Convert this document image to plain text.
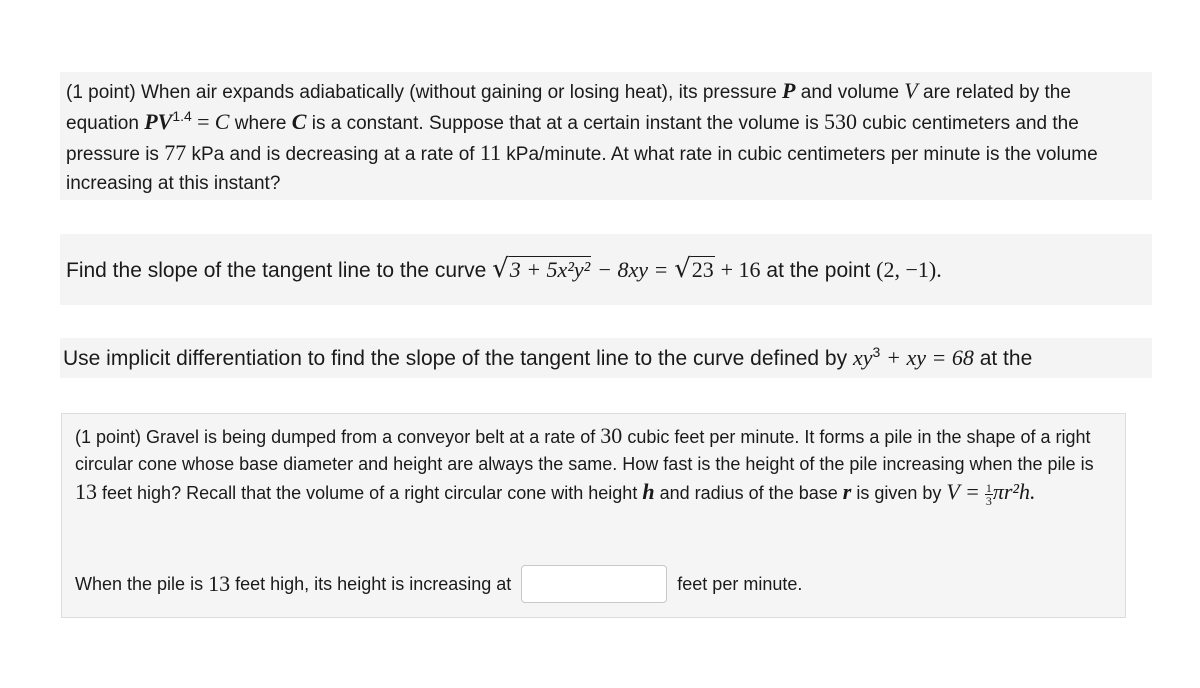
(1 point) When air expands adiabatically (without gaining or losing heat), its pressure P and volume V are related by the equation $PV^{1.4} = C$ where C is a constant. Suppose that at a certain instant the volume is 530 cubic centimeters and the pressure is 77 kPa and is decreasing at a rate of 11 kPa/minute. At what rate in cubic centimeters per minute is the volume increasing at this instant?
Find the slope of the tangent line to the curve √3 + 5x²y² − 8xy = √23 + 16 at the point (2, −1).
Use implicit differentiation to find the slope of the tangent line to the curve defined by $xy^3$ + xy = 68 at the
(1 point) Gravel is being dumped from a conveyor belt at a rate of 30 cubic feet per minute. It forms a pile in the shape of a right circular cone whose base diameter and height are always the same. How fast is the height of the pile increasing when the pile is 13 feet high? Recall that the volume of a right circular cone with height h and radius of the base r is given by $V = \frac{1}{3} \pi r^2h$.
When the pile is
13
feet high, its height is increasing at	feet per minute.
